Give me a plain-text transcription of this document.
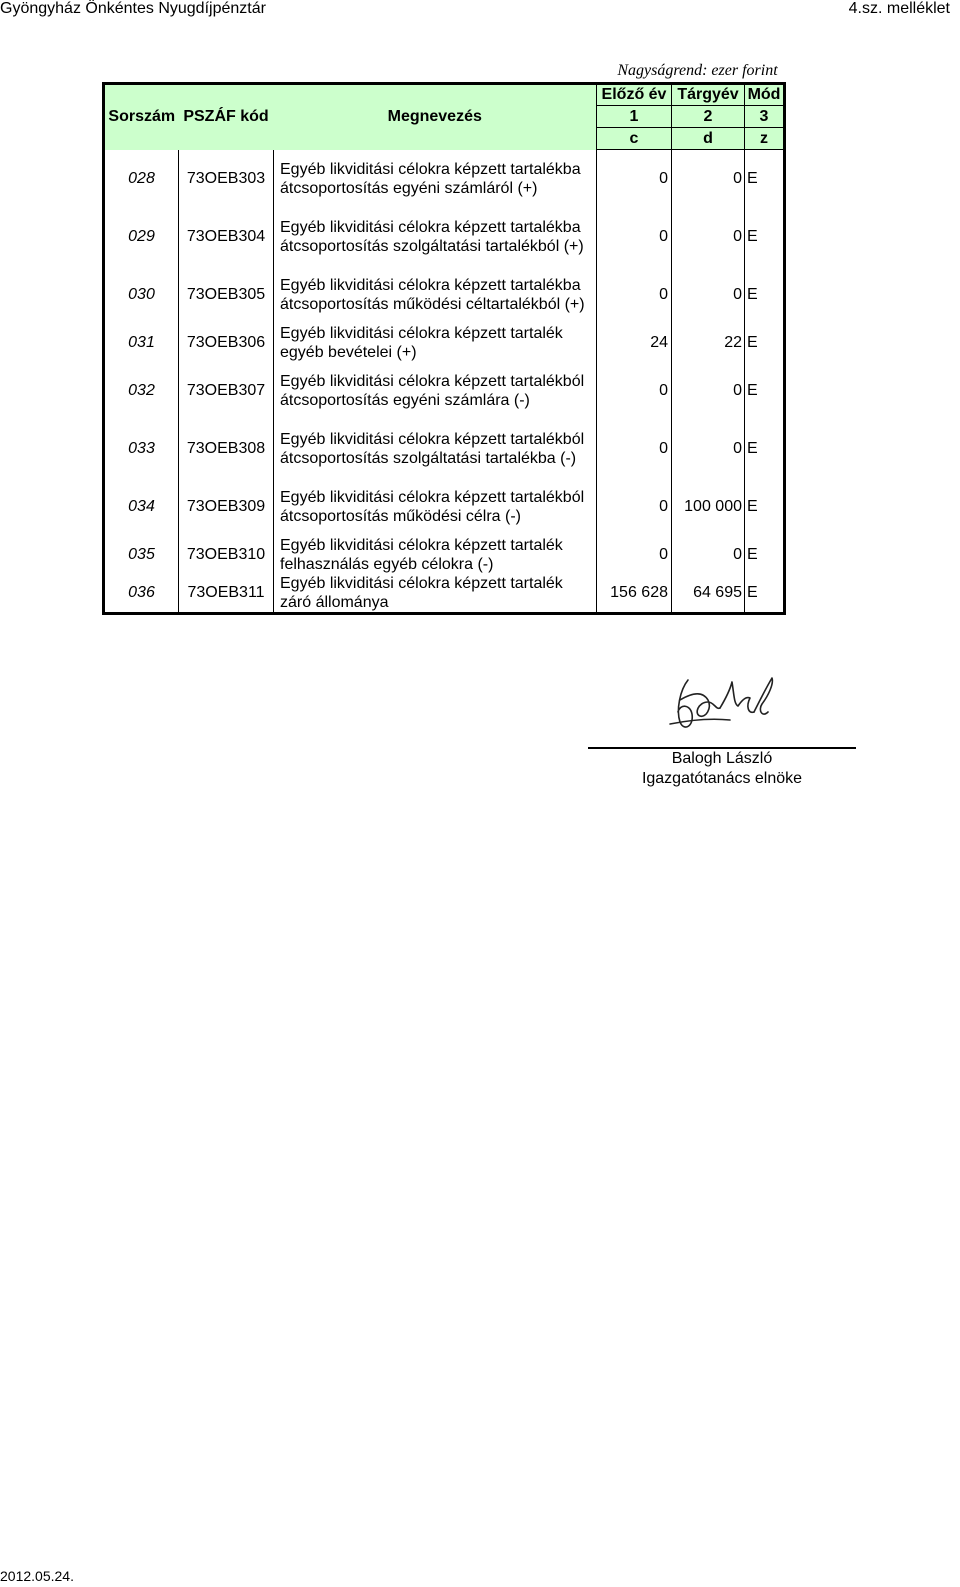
Gyöngyház Önkéntes Nyugdíjpénztár	4.sz. melléklet
Nagyságrend: ezer forint
Sorszám	PSZÁF kód	Megnevezés	Előző év	Tárgyév	Mód
			1	2	3
			c	d	z
028	73OEB303	Egyéb likviditási célokra képzett tartalékba
átcsoportosítás egyéni számláról (+)	0	0	E
029	73OEB304	Egyéb likviditási célokra képzett tartalékba
átcsoportosítás szolgáltatási tartalékból (+)	0	0	E
030	73OEB305	Egyéb likviditási célokra képzett tartalékba
átcsoportosítás működési céltartalékból (+)	0	0	E
031	73OEB306	Egyéb likviditási célokra képzett tartalék
egyéb bevételei (+)	24	22	E
032	73OEB307	Egyéb likviditási célokra képzett tartalékból
átcsoportosítás egyéni számlára (-)	0	0	E
033	73OEB308	Egyéb likviditási célokra képzett tartalékból
átcsoportosítás szolgáltatási tartalékba (-)	0	0	E
034	73OEB309	Egyéb likviditási célokra képzett tartalékból
átcsoportosítás működési célra (-)	0	100 000	E
035	73OEB310	Egyéb likviditási célokra képzett tartalék
felhasználás egyéb célokra (-)	0	0	E
036	73OEB311	Egyéb likviditási célokra képzett tartalék
záró állománya	156 628	64 695	E
Balogh László
Igazgatótanács elnöke
2012.05.24.
